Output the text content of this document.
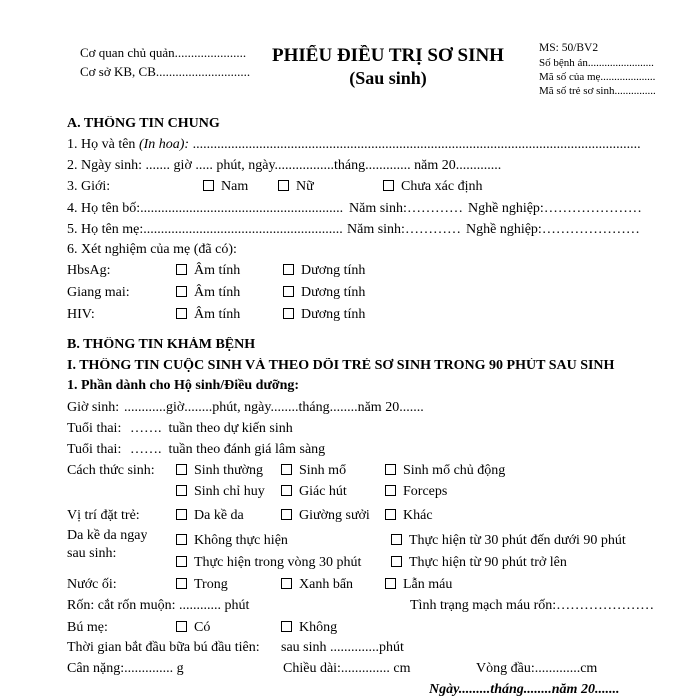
Cơ quan chủ quản......................
Cơ sở KB, CB.............................
PHIẾU ĐIỀU TRỊ SƠ SINH
(Sau sinh)
MS: 50/BV2
Số bệnh án........................
Mã số của mẹ....................
Mã số trẻ sơ sinh...............
A. THÔNG TIN CHUNG
1. Họ và tên (In hoa): ................................................................................................................................
2. Ngày sinh: ....... giờ ..... phút, ngày.................tháng............. năm 20.............
3. Giới:	Nam	Nữ	Chưa xác định
4. Họ tên bố:.......................................................... Năm sinh:………… Nghề nghiệp:…………………
5. Họ tên mẹ:......................................................... Năm sinh:………… Nghề nghiệp:…………………
6. Xét nghiệm của mẹ (đã có):
HbsAg:	Âm tính	Dương tính
Giang mai:	Âm tính	Dương tính
HIV:	Âm tính	Dương tính
B. THÔNG TIN KHÁM BỆNH
I. THÔNG TIN CUỘC SINH VÀ THEO DÕI TRẺ SƠ SINH TRONG 90 PHÚT SAU SINH
1. Phần dành cho Hộ sinh/Điều dưỡng:
Giờ sinh: ............giờ........phút, ngày........tháng........năm 20.......
Tuổi thai: …….  tuần theo dự kiến sinh
Tuổi thai: …….  tuần theo đánh giá lâm sàng
Cách thức sinh:	Sinh thường	Sinh mổ	Sinh mổ chủ động
Sinh chỉ huy	Giác hút	Forceps
Vị trí đặt trẻ:	Da kề da	Giường sưởi	Khác
Da kề da ngay
sau sinh:
Không thực hiện	Thực hiện từ 30 phút đến dưới 90 phút
Thực hiện trong vòng 30 phút	Thực hiện từ 90 phút trở lên
Nước ối:	Trong	Xanh bẩn	Lẫn máu
Rốn: cắt rốn muộn: ............ phút	Tình trạng mạch máu rốn:…………………
Bú mẹ:	Có	Không
Thời gian bắt đầu bữa bú đầu tiên: sau sinh ..............phút
Cân nặng:.............. g	Chiều dài:.............. cm	Vòng đầu:.............cm
Ngày.........tháng........năm 20.......
